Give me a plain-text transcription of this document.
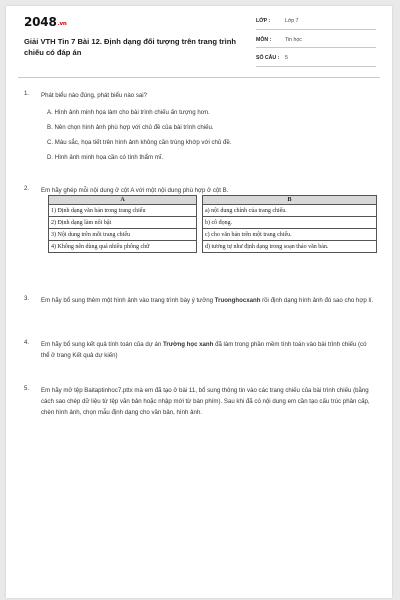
2048.vn
Giải VTH Tin 7 Bài 12. Định dạng đối tượng trên trang trình chiếu có đáp án
LỚP :	Lớp 7
MÔN :	Tin học
SỐ CÂU : 5
1.	Phát biểu nào đúng, phát biểu nào sai?
A. Hình ảnh minh họa làm cho bài trình chiếu ấn tượng hơn.
B. Nên chọn hình ảnh phù hợp với chủ đề của bài trình chiếu.
C. Màu sắc, họa tiết trên hình ảnh không cần trùng khớp với chủ đề.
D. Hình ảnh minh họa cần có tính thẩm mĩ.
2.	Em hãy ghép mỗi nội dung ở cột A với một nội dung phù hợp ở cột B.
A		B
1) Định dạng văn bản trong trang chiếu		a) nội dung chính của trang chiếu.
2) Định dạng làm nổi bật		b) cô đọng.
3) Nội dung trên mỗi trang chiếu		c) cho văn bản trên một trang chiếu.
4) Không nên dùng quá nhiều phông chữ		d) tương tự như định dạng trong soạn thảo văn bản.
3.	Em hãy bổ sung thêm một hình ảnh vào trang trình bày ý tưởng Truonghocxanh rồi định dạng hình ảnh đó sao cho hợp lí.
4.	Em hãy bổ sung kết quả tính toán của dự án Trường học xanh đã làm trong phần mềm tính toán vào bài trình chiếu (có thể ở trang Kết quả dự kiến)
5.	Em hãy mở tệp Baitaptinhoc7.pttx mà em đã tạo ở bài 11, bổ sung thông tin vào các trang chiếu của bài trình chiếu (bằng cách sao chép dữ liệu từ tệp văn bản hoặc nhập mới từ bàn phím). Sau khi đã có nội dung em cần tạo cấu trúc phân cấp, chèn hình ảnh, chọn mẫu định dạng cho văn bản, hình ảnh.
